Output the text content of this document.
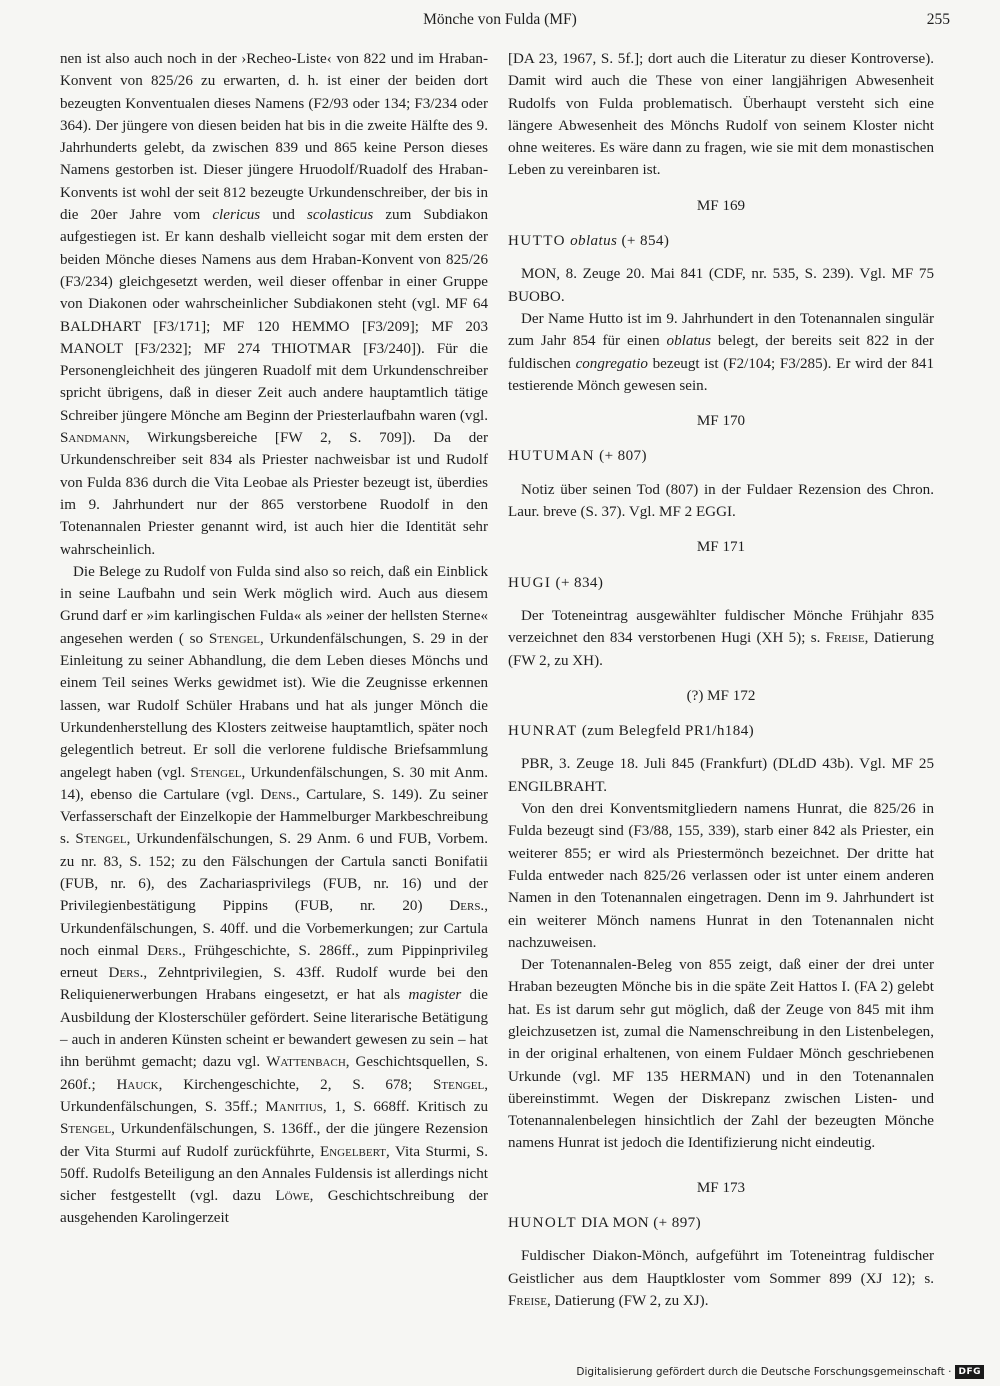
Mönche von Fulda (MF)	255

nen ist also auch noch in der ›Recheo-Liste‹ von 822 und im Hraban-Konvent von 825/26 zu erwarten, d. h. ist einer der beiden dort bezeugten Konventualen dieses Namens (F2/93 oder 134; F3/234 oder 364). Der jüngere von diesen beiden hat bis in die zweite Hälfte des 9. Jahrhunderts gelebt, da zwischen 839 und 865 keine Person dieses Namens gestorben ist. Dieser jüngere Hruodolf/Ruadolf des Hraban-Konvents ist wohl der seit 812 bezeugte Urkundenschreiber, der bis in die 20er Jahre vom clericus und scolasticus zum Subdiakon aufgestiegen ist. Er kann deshalb vielleicht sogar mit dem ersten der beiden Mönche dieses Namens aus dem Hraban-Konvent von 825/26 (F3/234) gleichgesetzt werden, weil dieser offenbar in einer Gruppe von Diakonen oder wahrscheinlicher Subdiakonen steht (vgl. MF 64 BALDHART [F3/171]; MF 120 HEMMO [F3/209]; MF 203 MANOLT [F3/232]; MF 274 THIOTMAR [F3/240]). Für die Personengleichheit des jüngeren Ruadolf mit dem Urkundenschreiber spricht übrigens, daß in dieser Zeit auch andere hauptamtlich tätige Schreiber jüngere Mönche am Beginn der Priesterlaufbahn waren (vgl. Sandmann, Wirkungsbereiche [FW 2, S. 709]). Da der Urkundenschreiber seit 834 als Priester nachweisbar ist und Rudolf von Fulda 836 durch die Vita Leobae als Priester bezeugt ist, überdies im 9. Jahrhundert nur der 865 verstorbene Ruodolf in den Totenannalen Priester genannt wird, ist auch hier die Identität sehr wahrscheinlich.

Die Belege zu Rudolf von Fulda sind also so reich, daß ein Einblick in seine Laufbahn und sein Werk möglich wird. Auch aus diesem Grund darf er »im karlingischen Fulda« als »einer der hellsten Sterne« angesehen werden ( so Stengel, Urkundenfälschungen, S. 29 in der Einleitung zu seiner Abhandlung, die dem Leben dieses Mönchs und einem Teil seines Werks gewidmet ist). Wie die Zeugnisse erkennen lassen, war Rudolf Schüler Hrabans und hat als junger Mönch die Urkundenherstellung des Klosters zeitweise hauptamtlich, später noch gelegentlich betreut. Er soll die verlorene fuldische Briefsammlung angelegt haben (vgl. Stengel, Urkundenfälschungen, S. 30 mit Anm. 14), ebenso die Cartulare (vgl. Dens., Cartulare, S. 149). Zu seiner Verfasserschaft der Einzelkopie der Hammelburger Markbeschreibung s. Stengel, Urkundenfälschungen, S. 29 Anm. 6 und FUB, Vorbem. zu nr. 83, S. 152; zu den Fälschungen der Cartula sancti Bonifatii (FUB, nr. 6), des Zachariasprivilegs (FUB, nr. 16) und der Privilegienbestätigung Pippins (FUB, nr. 20) Ders., Urkundenfälschungen, S. 40ff. und die Vorbemerkungen; zur Cartula noch einmal Ders., Frühgeschichte, S. 286ff., zum Pippinprivileg erneut Ders., Zehntprivilegien, S. 43ff. Rudolf wurde bei den Reliquienerwerbungen Hrabans eingesetzt, er hat als magister die Ausbildung der Klosterschüler gefördert. Seine literarische Betätigung – auch in anderen Künsten scheint er bewandert gewesen zu sein – hat ihn berühmt gemacht; dazu vgl. Wattenbach, Geschichtsquellen, S. 260f.; Hauck, Kirchengeschichte, 2, S. 678; Stengel, Urkundenfälschungen, S. 35ff.; Manitius, 1, S. 668ff. Kritisch zu Stengel, Urkundenfälschungen, S. 136ff., der die jüngere Rezension der Vita Sturmi auf Rudolf zurückführte, Engelbert, Vita Sturmi, S. 50ff. Rudolfs Beteiligung an den Annales Fuldensis ist allerdings nicht sicher festgestellt (vgl. dazu Löwe, Geschichtschreibung der ausgehenden Karolingerzeit

[DA 23, 1967, S. 5f.]; dort auch die Literatur zu dieser Kontroverse). Damit wird auch die These von einer langjährigen Abwesenheit Rudolfs von Fulda problematisch. Überhaupt versteht sich eine längere Abwesenheit des Mönchs Rudolf von seinem Kloster nicht ohne weiteres. Es wäre dann zu fragen, wie sie mit dem monastischen Leben zu vereinbaren ist.

MF 169

HUTTO oblatus (+ 854)

MON, 8. Zeuge 20. Mai 841 (CDF, nr. 535, S. 239). Vgl. MF 75 BUOBO.

Der Name Hutto ist im 9. Jahrhundert in den Totenannalen singulär zum Jahr 854 für einen oblatus belegt, der bereits seit 822 in der fuldischen congregatio bezeugt ist (F2/104; F3/285). Er wird der 841 testierende Mönch gewesen sein.

MF 170

HUTUMAN (+ 807)

Notiz über seinen Tod (807) in der Fuldaer Rezension des Chron. Laur. breve (S. 37). Vgl. MF 2 EGGI.

MF 171

HUGI (+ 834)

Der Toteneintrag ausgewählter fuldischer Mönche Frühjahr 835 verzeichnet den 834 verstorbenen Hugi (XH 5); s. Freise, Datierung (FW 2, zu XH).

(?) MF 172

HUNRAT (zum Belegfeld PR1/h184)

PBR, 3. Zeuge 18. Juli 845 (Frankfurt) (DLdD 43b). Vgl. MF 25 ENGILBRAHT.

Von den drei Konventsmitgliedern namens Hunrat, die 825/26 in Fulda bezeugt sind (F3/88, 155, 339), starb einer 842 als Priester, ein weiterer 855; er wird als Priestermönch bezeichnet. Der dritte hat Fulda entweder nach 825/26 verlassen oder ist unter einem anderen Namen in den Totenannalen eingetragen. Denn im 9. Jahrhundert ist ein weiterer Mönch namens Hunrat in den Totenannalen nicht nachzuweisen.

Der Totenannalen-Beleg von 855 zeigt, daß einer der drei unter Hraban bezeugten Mönche bis in die späte Zeit Hattos I. (FA 2) gelebt hat. Es ist darum sehr gut möglich, daß der Zeuge von 845 mit ihm gleichzusetzen ist, zumal die Namenschreibung in den Listenbelegen, in der original erhaltenen, von einem Fuldaer Mönch geschriebenen Urkunde (vgl. MF 135 HERMAN) und in den Totenannalen übereinstimmt. Wegen der Diskrepanz zwischen Listen- und Totenannalenbelegen hinsichtlich der Zahl der bezeugten Mönche namens Hunrat ist jedoch die Identifizierung nicht eindeutig.

MF 173

HUNOLT DIA MON (+ 897)

Fuldischer Diakon-Mönch, aufgeführt im Toteneintrag fuldischer Geistlicher aus dem Hauptkloster vom Sommer 899 (XJ 12); s. Freise, Datierung (FW 2, zu XJ).

Digitalisierung gefördert durch die Deutsche Forschungsgemeinschaft · DFG
